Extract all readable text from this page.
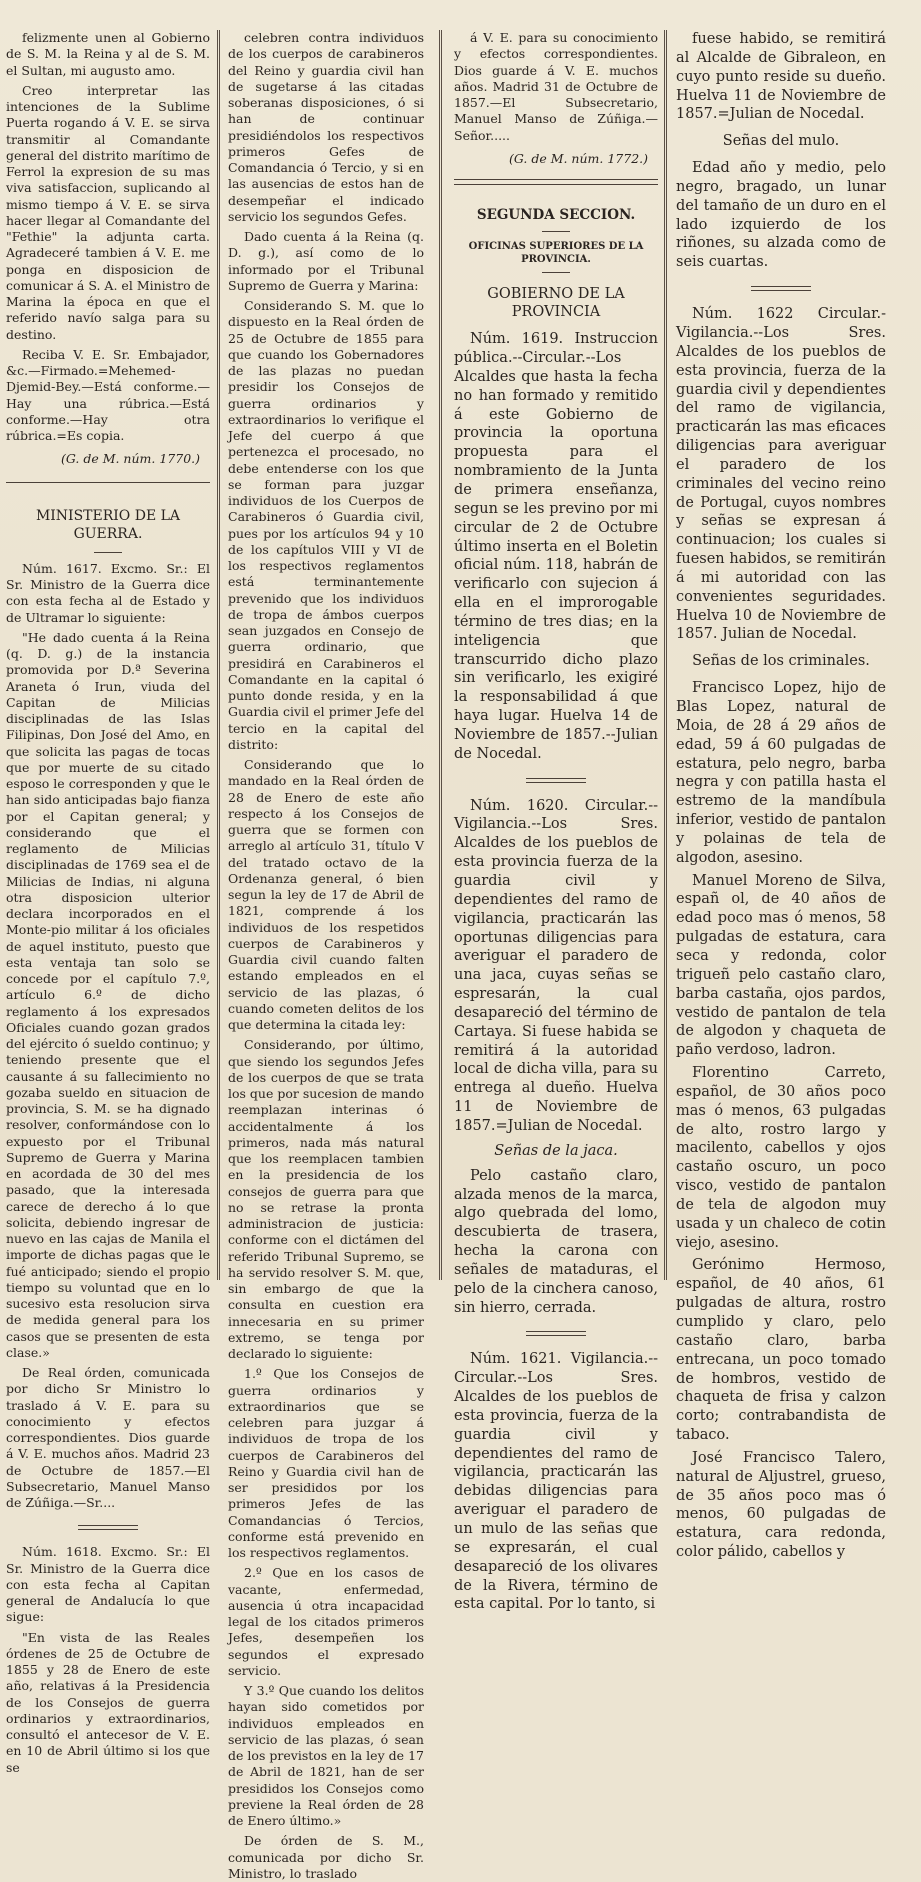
felizmente unen al Gobierno de S. M. la Reina y al de S. M. el Sultan, mi augusto amo.

Creo interpretar las intenciones de la Sublime Puerta rogando á V. E. se sirva transmitir al Comandante general del distrito marítimo de Ferrol la expresion de su mas viva satisfaccion, suplicando al mismo tiempo á V. E. se sirva hacer llegar al Comandante del "Fethie" la adjunta carta. Agradeceré tambien á V. E. me ponga en disposicion de comunicar á S. A. el Ministro de Marina la época en que el referido navío salga para su destino.

Reciba V. E. Sr. Embajador, &c.—Firmado.=Mehemed-Djemid-Bey.—Está conforme.—Hay una rúbrica.—Está conforme.—Hay otra rúbrica.=Es copia.

(G. de M. núm. 1770.)

MINISTERIO DE LA GUERRA.

Núm. 1617. Excmo. Sr.: El Sr. Ministro de la Guerra dice con esta fecha al de Estado y de Ultramar lo siguiente:

"He dado cuenta á la Reina (q. D. g.) de la instancia promovida por D.ª Severina Araneta ó Irun, viuda del Capitan de Milicias disciplinadas de las Islas Filipinas, Don José del Amo, en que solicita las pagas de tocas que por muerte de su citado esposo le corresponden y que le han sido anticipadas bajo fianza por el Capitan general; y considerando que el reglamento de Milicias disciplinadas de 1769 sea el de Milicias de Indias, ni alguna otra disposicion ulterior declara incorporados en el Monte-pio militar á los oficiales de aquel instituto, puesto que esta ventaja tan solo se concede por el capítulo 7.º, artículo 6.º de dicho reglamento á los expresados Oficiales cuando gozan grados del ejército ó sueldo continuo; y teniendo presente que el causante á su fallecimiento no gozaba sueldo en situacion de provincia, S. M. se ha dignado resolver, conformándose con lo expuesto por el Tribunal Supremo de Guerra y Marina en acordada de 30 del mes pasado, que la interesada carece de derecho á lo que solicita, debiendo ingresar de nuevo en las cajas de Manila el importe de dichas pagas que le fué anticipado; siendo el propio tiempo su voluntad que en lo sucesivo esta resolucion sirva de medida general para los casos que se presenten de esta clase.»

De Real órden, comunicada por dicho Sr Ministro lo traslado á V. E. para su conocimiento y efectos correspondientes. Dios guarde á V. E. muchos años. Madrid 23 de Octubre de 1857.—El Subsecretario, Manuel Manso de Zúñiga.—Sr....

Núm. 1618. Excmo. Sr.: El Sr. Ministro de la Guerra dice con esta fecha al Capitan general de Andalucía lo que sigue:

"En vista de las Reales órdenes de 25 de Octubre de 1855 y 28 de Enero de este año, relativas á la Presidencia de los Consejos de guerra ordinarios y extraordinarios, consultó el antecesor de V. E. en 10 de Abril último si los que se

celebren contra individuos de los cuerpos de carabineros del Reino y guardia civil han de sugetarse á las citadas soberanas disposiciones, ó si han de continuar presidiéndolos los respectivos primeros Gefes de Comandancia ó Tercio, y si en las ausencias de estos han de desempeñar el indicado servicio los segundos Gefes.

Dado cuenta á la Reina (q. D. g.), así como de lo informado por el Tribunal Supremo de Guerra y Marina:

Considerando S. M. que lo dispuesto en la Real órden de 25 de Octubre de 1855 para que cuando los Gobernadores de las plazas no puedan presidir los Consejos de guerra ordinarios y extraordinarios lo verifique el Jefe del cuerpo á que pertenezca el procesado, no debe entenderse con los que se forman para juzgar individuos de los Cuerpos de Carabineros ó Guardia civil, pues por los artículos 94 y 10 de los capítulos VIII y VI de los respectivos reglamentos está terminantemente prevenido que los individuos de tropa de ámbos cuerpos sean juzgados en Consejo de guerra ordinario, que presidirá en Carabineros el Comandante en la capital ó punto donde resida, y en la Guardia civil el primer Jefe del tercio en la capital del distrito:

Considerando que lo mandado en la Real órden de 28 de Enero de este año respecto á los Consejos de guerra que se formen con arreglo al artículo 31, título V del tratado octavo de la Ordenanza general, ó bien segun la ley de 17 de Abril de 1821, comprende á los individuos de los respetidos cuerpos de Carabineros y Guardia civil cuando falten estando empleados en el servicio de las plazas, ó cuando cometen delitos de los que determina la citada ley:

Considerando, por último, que siendo los segundos Jefes de los cuerpos de que se trata los que por sucesion de mando reemplazan interinas ó accidentalmente á los primeros, nada más natural que los reemplacen tambien en la presidencia de los consejos de guerra para que no se retrase la pronta administracion de justicia: conforme con el dictámen del referido Tribunal Supremo, se ha servido resolver S. M. que, sin embargo de que la consulta en cuestion era innecesaria en su primer extremo, se tenga por declarado lo siguiente:

1.º Que los Consejos de guerra ordinarios y extraordinarios que se celebren para juzgar á individuos de tropa de los cuerpos de Carabineros del Reino y Guardia civil han de ser presididos por los primeros Jefes de las Comandancias ó Tercios, conforme está prevenido en los respectivos reglamentos.

2.º Que en los casos de vacante, enfermedad, ausencia ú otra incapacidad legal de los citados primeros Jefes, desempeñen los segundos el expresado servicio.

Y 3.º Que cuando los delitos hayan sido cometidos por individuos empleados en servicio de las plazas, ó sean de los previstos en la ley de 17 de Abril de 1821, han de ser presididos los Consejos como previene la Real órden de 28 de Enero último.»

De órden de S. M., comunicada por dicho Sr. Ministro, lo traslado

á V. E. para su conocimiento y efectos correspondientes. Dios guarde á V. E. muchos años. Madrid 31 de Octubre de 1857.—El Subsecretario, Manuel Manso de Zúñiga.—Señor.....

(G. de M. núm. 1772.)

SEGUNDA SECCION.
OFICINAS SUPERIORES DE LA PROVINCIA.
GOBIERNO DE LA PROVINCIA

Núm. 1619. Instruccion pública.--Circular.--Los Alcaldes que hasta la fecha no han formado y remitido á este Gobierno de provincia la oportuna propuesta para el nombramiento de la Junta de primera enseñanza, segun se les previno por mi circular de 2 de Octubre último inserta en el Boletin oficial núm. 118, habrán de verificarlo con sujecion á ella en el improrogable término de tres dias; en la inteligencia que transcurrido dicho plazo sin verificarlo, les exigiré la responsabilidad á que haya lugar. Huelva 14 de Noviembre de 1857.--Julian de Nocedal.

Núm. 1620. Circular.--Vigilancia.--Los Sres. Alcaldes de los pueblos de esta provincia fuerza de la guardia civil y dependientes del ramo de vigilancia, practicarán las oportunas diligencias para averiguar el paradero de una jaca, cuyas señas se espresarán, la cual desapareció del término de Cartaya. Si fuese habida se remitirá á la autoridad local de dicha villa, para su entrega al dueño. Huelva 11 de Noviembre de 1857.=Julian de Nocedal.

Señas de la jaca.

Pelo castaño claro, alzada menos de la marca, algo quebrada del lomo, descubierta de trasera, hecha la carona con señales de mataduras, el pelo de la cinchera canoso, sin hierro, cerrada.

Núm. 1621. Vigilancia.--Circular.--Los Sres. Alcaldes de los pueblos de esta provincia, fuerza de la guardia civil y dependientes del ramo de vigilancia, practicarán las debidas diligencias para averiguar el paradero de un mulo de las señas que se expresarán, el cual desapareció de los olivares de la Rivera, término de esta capital. Por lo tanto, si

fuese habido, se remitirá al Alcalde de Gibraleon, en cuyo punto reside su dueño. Huelva 11 de Noviembre de 1857.=Julian de Nocedal.

Señas del mulo.

Edad año y medio, pelo negro, bragado, un lunar del tamaño de un duro en el lado izquierdo de los riñones, su alzada como de seis cuartas.

Núm. 1622 Circular.-Vigilancia.--Los Sres. Alcaldes de los pueblos de esta provincia, fuerza de la guardia civil y dependientes del ramo de vigilancia, practicarán las mas eficaces diligencias para averiguar el paradero de los criminales del vecino reino de Portugal, cuyos nombres y señas se expresan á continuacion; los cuales si fuesen habidos, se remitirán á mi autoridad con las convenientes seguridades. Huelva 10 de Noviembre de 1857. Julian de Nocedal.

Señas de los criminales.

Francisco Lopez, hijo de Blas Lopez, natural de Moia, de 28 á 29 años de edad, 59 á 60 pulgadas de estatura, pelo negro, barba negra y con patilla hasta el estremo de la mandíbula inferior, vestido de pantalon y polainas de tela de algodon, asesino.

Manuel Moreno de Silva, españ ol, de 40 años de edad poco mas ó menos, 58 pulgadas de estatura, cara seca y redonda, color trigueñ pelo castaño claro, barba castaña, ojos pardos, vestido de pantalon de tela de algodon y chaqueta de paño verdoso, ladron.

Florentino Carreto, español, de 30 años poco mas ó menos, 63 pulgadas de alto, rostro largo y macilento, cabellos y ojos castaño oscuro, un poco visco, vestido de pantalon de tela de algodon muy usada y un chaleco de cotin viejo, asesino.

Gerónimo Hermoso, español, de 40 años, 61 pulgadas de altura, rostro cumplido y claro, pelo castaño claro, barba entrecana, un poco tomado de hombros, vestido de chaqueta de frisa y calzon corto; contrabandista de tabaco.

José Francisco Talero, natural de Aljustrel, grueso, de 35 años poco mas ó menos, 60 pulgadas de estatura, cara redonda, color pálido, cabellos y
